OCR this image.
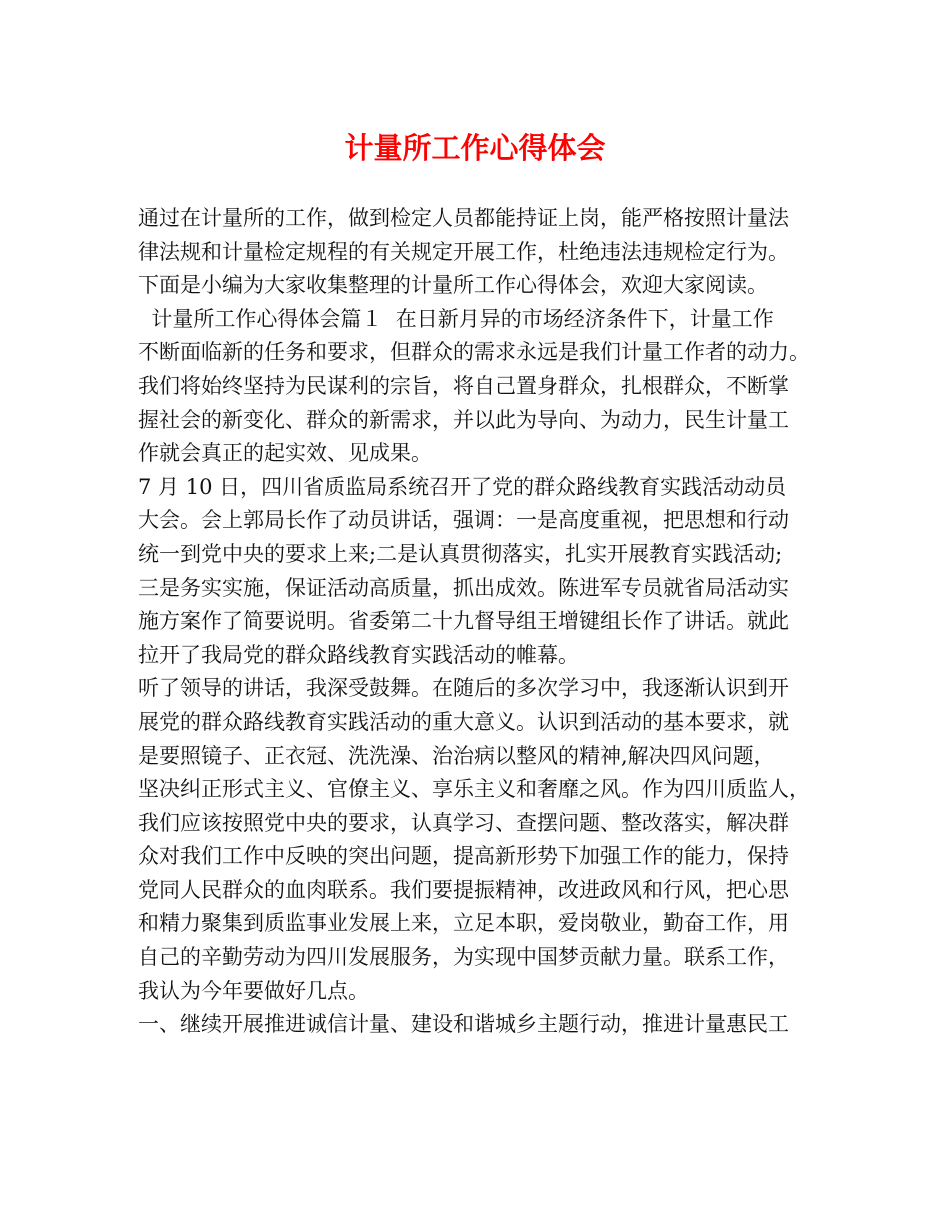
计量所工作心得体会
通过在计量所的工作，做到检定人员都能持证上岗，能严格按照计量法
律法规和计量检定规程的有关规定开展工作，杜绝违法违规检定行为。
下面是小编为大家收集整理的计量所工作心得体会，欢迎大家阅读。
计量所工作心得体会篇１  在日新月异的市场经济条件下，计量工作
不断面临新的任务和要求，但群众的需求永远是我们计量工作者的动力。
我们将始终坚持为民谋利的宗旨，将自己置身群众，扎根群众，不断掌
握社会的新变化、群众的新需求，并以此为导向、为动力，民生计量工
作就会真正的起实效、见成果。
7 月 10 日，四川省质监局系统召开了党的群众路线教育实践活动动员
大会。会上郭局长作了动员讲话，强调：一是高度重视，把思想和行动
统一到党中央的要求上来;二是认真贯彻落实，扎实开展教育实践活动;
三是务实实施，保证活动高质量，抓出成效。陈进军专员就省局活动实
施方案作了简要说明。省委第二十九督导组王增键组长作了讲话。就此
拉开了我局党的群众路线教育实践活动的帷幕。
听了领导的讲话，我深受鼓舞。在随后的多次学习中，我逐渐认识到开
展党的群众路线教育实践活动的重大意义。认识到活动的基本要求，就
是要照镜子、正衣冠、洗洗澡、治治病以整风的精神,解决四风问题，
坚决纠正形式主义、官僚主义、享乐主义和奢靡之风。作为四川质监人，
我们应该按照党中央的要求，认真学习、查摆问题、整改落实，解决群
众对我们工作中反映的突出问题，提高新形势下加强工作的能力，保持
党同人民群众的血肉联系。我们要提振精神，改进政风和行风，把心思
和精力聚集到质监事业发展上来，立足本职，爱岗敬业，勤奋工作，用
自己的辛勤劳动为四川发展服务，为实现中国梦贡献力量。联系工作，
我认为今年要做好几点。
一、继续开展推进诚信计量、建设和谐城乡主题行动，推进计量惠民工
